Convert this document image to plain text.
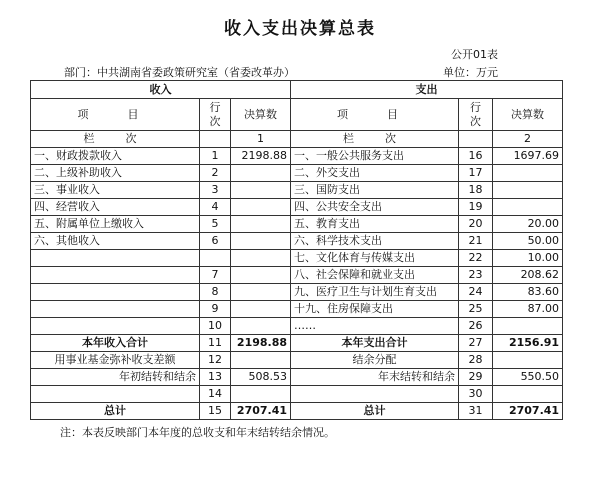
收入支出决算总表
公开01表
部门：中共湖南省委政策研究室（省委改革办）	单位：万元
收入			支出		
项　目	行次	决算数	项　目	行次	决算数
栏　次		1	栏　次		2
一、财政拨款收入	1	2198.88	一、一般公共服务支出	16	1697.69
二、上级补助收入	2		二、外交支出	17	
三、事业收入	3		三、国防支出	18	
四、经营收入	4		四、公共安全支出	19	
五、附属单位上缴收入	5		五、教育支出	20	20.00
六、其他收入	6		六、科学技术支出	21	50.00
			七、文化体育与传媒支出	22	10.00
	7		八、社会保障和就业支出	23	208.62
	8		九、医疗卫生与计划生育支出	24	83.60
	9		十九、住房保障支出	25	87.00
	10		……	26	
本年收入合计	11	2198.88	本年支出合计	27	2156.91
用事业基金弥补收支差额	12		结余分配	28	
年初结转和结余	13	508.53	年末结转和结余	29	550.50
	14			30	
总计	15	2707.41	总计	31	2707.41
注：本表反映部门本年度的总收支和年末结转结余情况。
